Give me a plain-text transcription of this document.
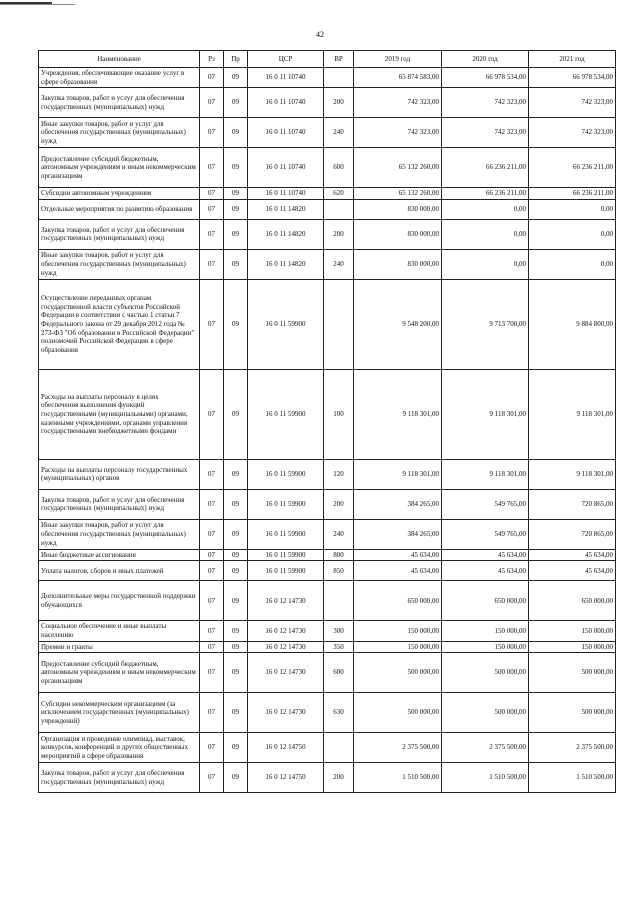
42
Наименование	Рз	Пр	ЦСР	ВР	2019 год	2020 год	2021 год
Учреждения, обеспечивающие оказание услуг в сфере образования	07	09	16 0 11 10740		65 874 583,00	66 978 534,00	66 978 534,00
Закупка товаров, работ и услуг для обеспечения государственных (муниципальных) нужд	07	09	16 0 11 10740	200	742 323,00	742 323,00	742 323,00
Иные закупки товаров, работ и услуг для обеспечения государственных (муниципальных) нужд	07	09	16 0 11 10740	240	742 323,00	742 323,00	742 323,00
Предоставление субсидий бюджетным, автономным учреждениям и иным некоммерческим организациям	07	09	16 0 11 10740	600	65 132 260,00	66 236 211,00	66 236 211,00
Субсидии автономным учреждениям	07	09	16 0 11 10740	620	65 132 260,00	66 236 211,00	66 236 211,00
Отдельные мероприятия по развитию образования	07	09	16 0 11 14820		830 000,00	0,00	0,00
Закупка товаров, работ и услуг для обеспечения государственных (муниципальных) нужд	07	09	16 0 11 14820	200	830 000,00	0,00	0,00
Иные закупки товаров, работ и услуг для обеспечения государственных (муниципальных) нужд	07	09	16 0 11 14820	240	830 000,00	0,00	0,00
Осуществление переданных органам государственной власти субъектов Российской Федерации в соответствии с частью 1 статьи 7 Федерального закона от 29 декабря 2012 года № 273-ФЗ "Об образовании в Российской Федерации" полномочий Российской Федерации в сфере образования	07	09	16 0 11 59900		9 548 200,00	9 713 700,00	9 884 800,00
Расходы на выплаты персоналу в целях обеспечения выполнения функций государственными (муниципальными) органами, казенными учреждениями, органами управления государственными внебюджетными фондами	07	09	16 0 11 59900	100	9 118 301,00	9 118 301,00	9 118 301,00
Расходы на выплаты персоналу государственных (муниципальных) органов	07	09	16 0 11 59900	120	9 118 301,00	9 118 301,00	9 118 301,00
Закупка товаров, работ и услуг для обеспечения государственных (муниципальных) нужд	07	09	16 0 11 59900	200	384 265,00	549 765,00	720 865,00
Иные закупки товаров, работ и услуг для обеспечения государственных (муниципальных) нужд	07	09	16 0 11 59900	240	384 265,00	549 765,00	720 865,00
Иные бюджетные ассигнования	07	09	16 0 11 59900	800	45 634,00	45 634,00	45 634,00
Уплата налогов, сборов и иных платежей	07	09	16 0 11 59900	850	45 634,00	45 634,00	45 634,00
Дополнительные меры государственной поддержки обучающихся	07	09	16 0 12 14730		650 000,00	650 000,00	650 000,00
Социальное обеспечение и иные выплаты населению	07	09	16 0 12 14730	300	150 000,00	150 000,00	150 000,00
Премии и гранты	07	09	16 0 12 14730	350	150 000,00	150 000,00	150 000,00
Предоставление субсидий бюджетным, автономным учреждениям и иным некоммерческим организациям	07	09	16 0 12 14730	600	500 000,00	500 000,00	500 000,00
Субсидии некоммерческим организациям (за исключением государственных (муниципальных) учреждений)	07	09	16 0 12 14730	630	500 000,00	500 000,00	500 000,00
Организация и проведение олимпиад, выставок, конкурсов, конференций и других общественных мероприятий в сфере образования	07	09	16 0 12 14750		2 375 500,00	2 375 500,00	2 375 500,00
Закупка товаров, работ и услуг для обеспечения государственных (муниципальных) нужд	07	09	16 0 12 14750	200	1 510 500,00	1 510 500,00	1 510 500,00
